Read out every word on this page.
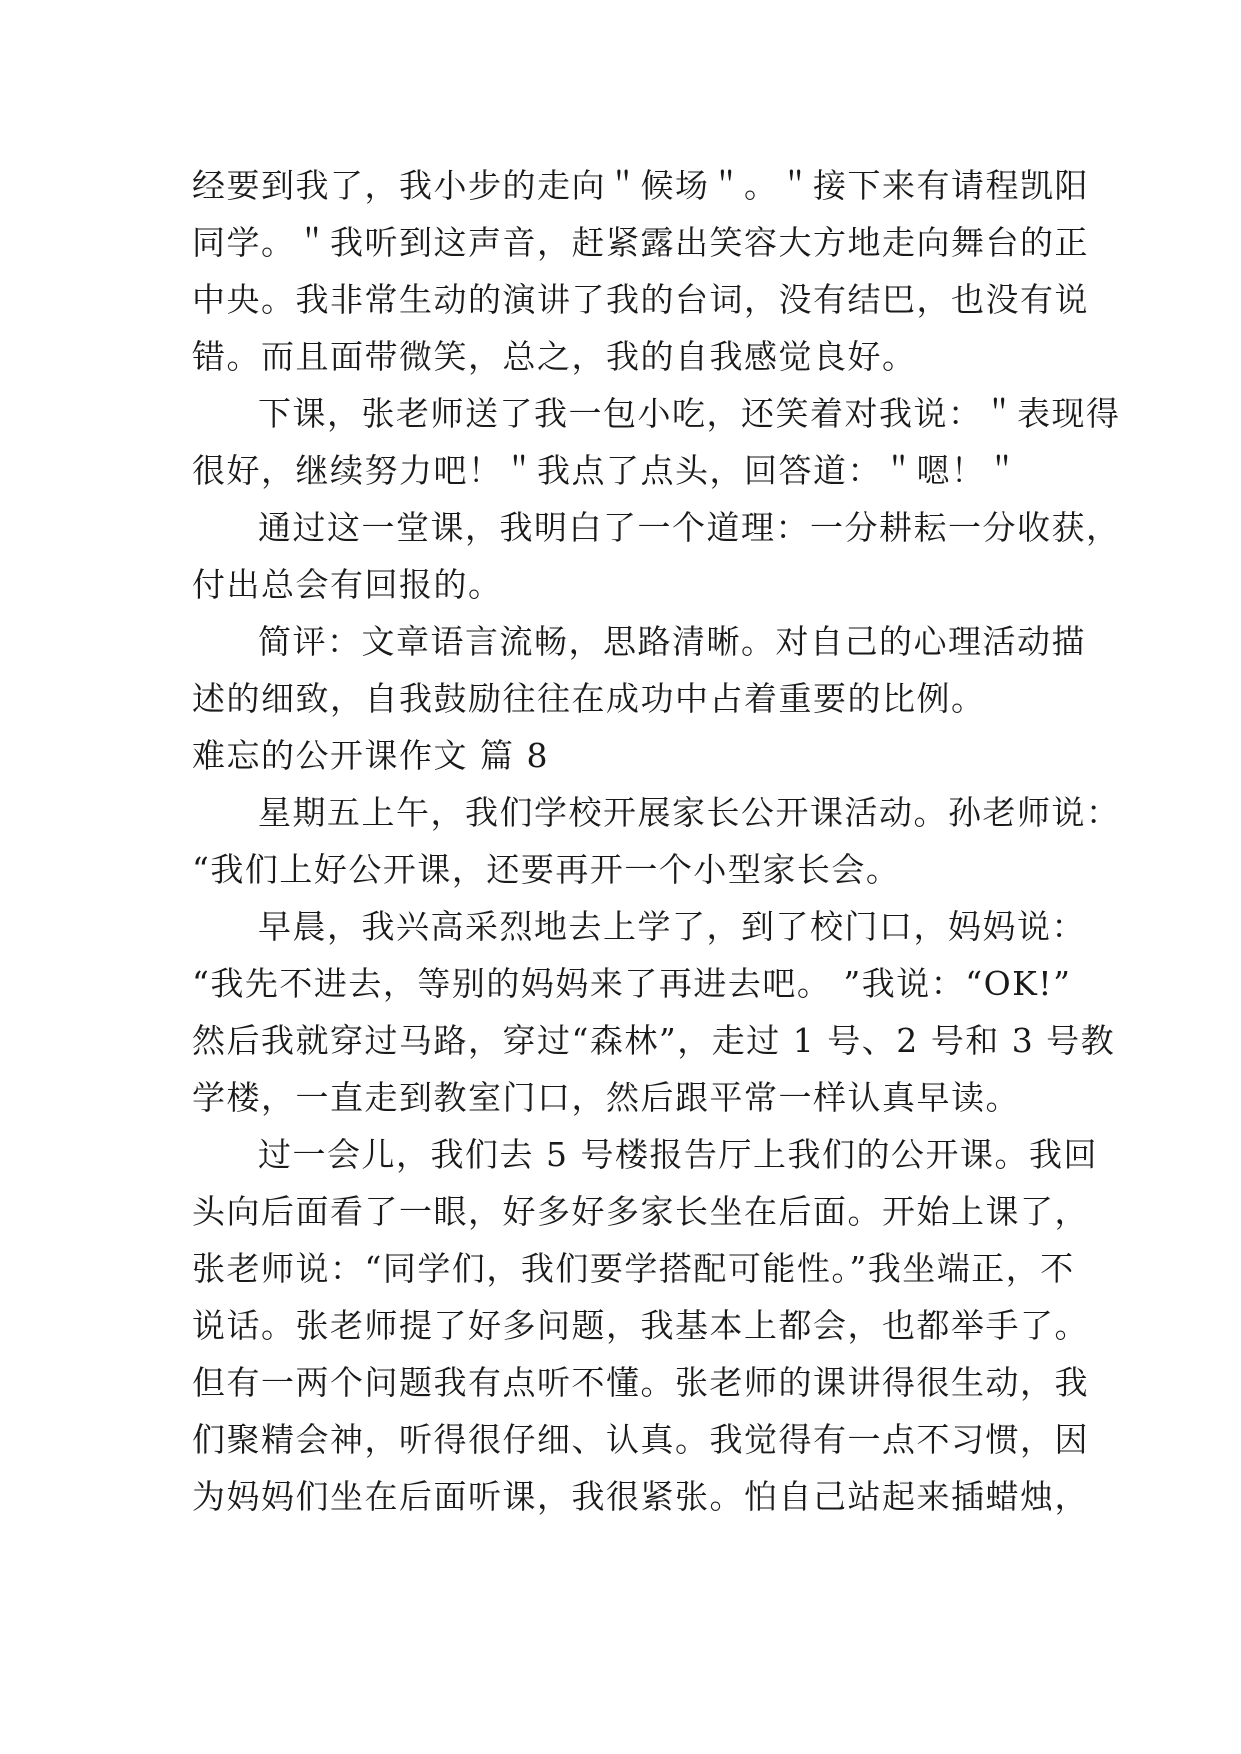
经要到我了，我小步的走向＂候场＂。＂接下来有请程凯阳
同学。＂我听到这声音，赶紧露出笑容大方地走向舞台的正
中央。我非常生动的演讲了我的台词，没有结巴，也没有说
错。而且面带微笑，总之，我的自我感觉良好。
下课，张老师送了我一包小吃，还笑着对我说：＂表现得
很好，继续努力吧！＂我点了点头，回答道：＂嗯！＂
通过这一堂课，我明白了一个道理：一分耕耘一分收获，
付出总会有回报的。
简评：文章语言流畅，思路清晰。对自己的心理活动描
述的细致，自我鼓励往往在成功中占着重要的比例。
难忘的公开课作文 篇 8
星期五上午，我们学校开展家长公开课活动。孙老师说：
“我们上好公开课，还要再开一个小型家长会。
早晨，我兴高采烈地去上学了，到了校门口，妈妈说：
“我先不进去，等别的妈妈来了再进去吧。 ”我说：“OK!”
然后我就穿过马路，穿过“森林”，走过 1 号、2 号和 3 号教
学楼，一直走到教室门口，然后跟平常一样认真早读。
过一会儿，我们去 5 号楼报告厅上我们的公开课。我回
头向后面看了一眼，好多好多家长坐在后面。开始上课了，
张老师说：“同学们，我们要学搭配可能性。”我坐端正，不
说话。张老师提了好多问题，我基本上都会，也都举手了。
但有一两个问题我有点听不懂。张老师的课讲得很生动，我
们聚精会神，听得很仔细、认真。我觉得有一点不习惯，因
为妈妈们坐在后面听课，我很紧张。怕自己站起来插蜡烛，
